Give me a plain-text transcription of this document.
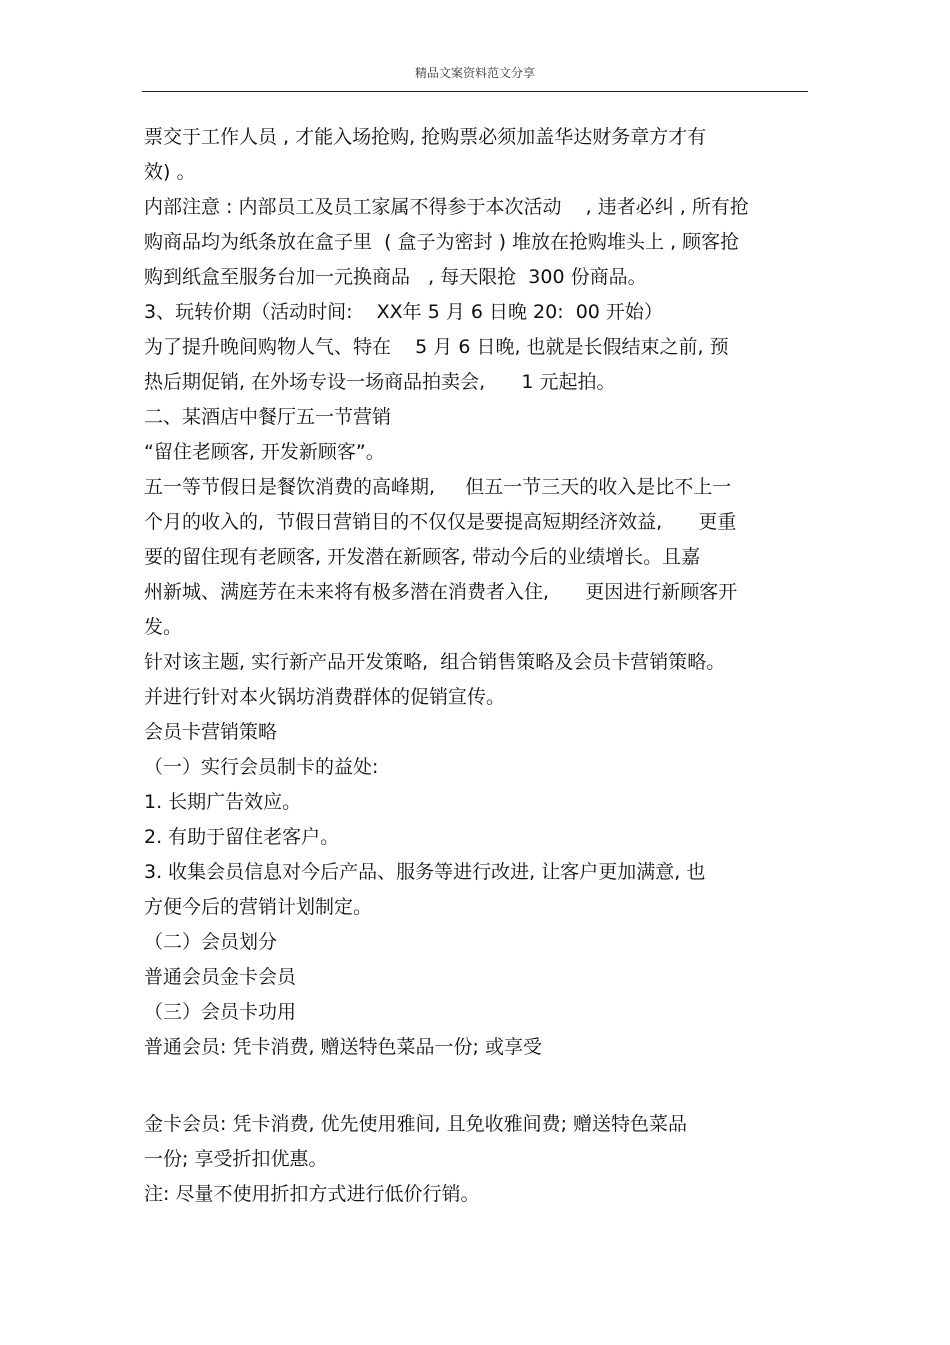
精品文案资料范文分享
票交于工作人员 , 才能入场抢购, 抢购票必须加盖华达财务章方才有
效) 。
内部注意 : 内部员工及员工家属不得参于本次活动    , 违者必纠 , 所有抢
购商品均为纸条放在盒子里  ( 盒子为密封 ) 堆放在抢购堆头上 , 顾客抢
购到纸盒至服务台加一元换商品   , 每天限抢  300 份商品。
3、玩转价期（活动时间:    XX年 5 月 6 日晚 20:  00 开始）
为了提升晚间购物人气、特在    5 月 6 日晚, 也就是长假结束之前, 预
热后期促销, 在外场专设一场商品拍卖会,      1 元起拍。
二、某酒店中餐厅五一节营销
“留住老顾客, 开发新顾客”。
五一等节假日是餐饮消费的高峰期,     但五一节三天的收入是比不上一
个月的收入的,  节假日营销目的不仅仅是要提高短期经济效益,      更重
要的留住现有老顾客, 开发潜在新顾客, 带动今后的业绩增长。且嘉
州新城、满庭芳在未来将有极多潜在消费者入住,      更因进行新顾客开
发。
针对该主题, 实行新产品开发策略,  组合销售策略及会员卡营销策略。
并进行针对本火锅坊消费群体的促销宣传。
会员卡营销策略
（一）实行会员制卡的益处:
1. 长期广告效应。
2. 有助于留住老客户。
3. 收集会员信息对今后产品、服务等进行改进, 让客户更加满意, 也
方便今后的营销计划制定。
（二）会员划分
普通会员金卡会员
（三）会员卡功用
普通会员: 凭卡消费, 赠送特色菜品一份; 或享受
金卡会员: 凭卡消费, 优先使用雅间, 且免收雅间费; 赠送特色菜品
一份; 享受折扣优惠。
注: 尽量不使用折扣方式进行低价行销。
